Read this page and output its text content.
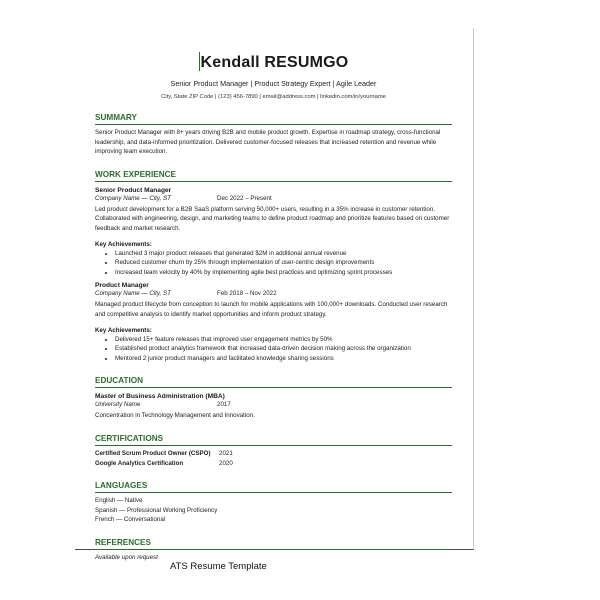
Kendall RESUMGO
Senior Product Manager | Product Strategy Expert | Agile Leader
City, State ZIP Code | (123) 456-7890 | email@address.com | linkedin.com/in/yourname
SUMMARY
Senior Product Manager with 8+ years driving B2B and mobile product growth. Expertise in roadmap strategy, cross-functional leadership, and data-informed prioritization. Delivered customer-focused releases that increased retention and revenue while improving team execution.
WORK EXPERIENCE
Senior Product Manager
Company Name — City, ST	Dec 2022 – Present
Led product development for a B2B SaaS platform serving 50,000+ users, resulting in a 35% increase in customer retention. Collaborated with engineering, design, and marketing teams to define product roadmap and prioritize features based on customer feedback and market research.
Key Achievements:
• Launched 3 major product releases that generated $2M in additional annual revenue
• Reduced customer churn by 25% through implementation of user-centric design improvements
• Increased team velocity by 40% by implementing agile best practices and optimizing sprint processes
Product Manager
Company Name — City, ST	Feb 2018 – Nov 2022
Managed product lifecycle from conception to launch for mobile applications with 100,000+ downloads. Conducted user research and competitive analysis to identify market opportunities and inform product strategy.
Key Achievements:
• Delivered 15+ feature releases that improved user engagement metrics by 50%
• Established product analytics framework that increased data-driven decision making across the organization
• Mentored 2 junior product managers and facilitated knowledge sharing sessions
EDUCATION
Master of Business Administration (MBA)
University Name	2017
Concentration in Technology Management and Innovation.
CERTIFICATIONS
Certified Scrum Product Owner (CSPO)	2021
Google Analytics Certification	2020
LANGUAGES
English — Native
Spanish — Professional Working Proficiency
French — Conversational
REFERENCES
Available upon request
ATS Resume Template
